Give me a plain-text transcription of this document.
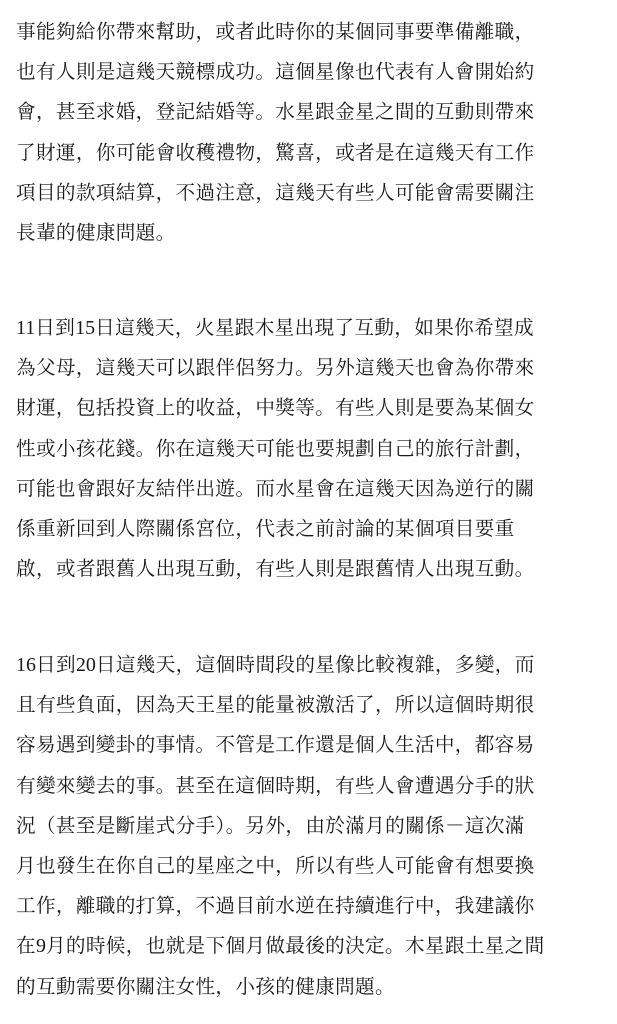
事能夠給你帶來幫助，或者此時你的某個同事要準備離職，
也有人則是這幾天競標成功。這個星像也代表有人會開始約
會，甚至求婚，登記結婚等。水星跟金星之間的互動則帶來
了財運，你可能會收穫禮物，驚喜，或者是在這幾天有工作
項目的款項結算，不過注意，這幾天有些人可能會需要關注
長輩的健康問題。
11日到15日這幾天，火星跟木星出現了互動，如果你希望成
為父母，這幾天可以跟伴侶努力。另外這幾天也會為你帶來
財運，包括投資上的收益，中獎等。有些人則是要為某個女
性或小孩花錢。你在這幾天可能也要規劃自己的旅行計劃，
可能也會跟好友結伴出遊。而水星會在這幾天因為逆行的關
係重新回到人際關係宮位，代表之前討論的某個項目要重
啟，或者跟舊人出現互動，有些人則是跟舊情人出現互動。
16日到20日這幾天，這個時間段的星像比較複雜，多變，而
且有些負面，因為天王星的能量被激活了，所以這個時期很
容易遇到變卦的事情。不管是工作還是個人生活中，都容易
有變來變去的事。甚至在這個時期，有些人會遭遇分手的狀
況（甚至是斷崖式分手）。另外，由於滿月的關係－這次滿
月也發生在你自己的星座之中，所以有些人可能會有想要換
工作，離職的打算，不過目前水逆在持續進行中，我建議你
在9月的時候，也就是下個月做最後的決定。木星跟土星之間
的互動需要你關注女性，小孩的健康問題。
